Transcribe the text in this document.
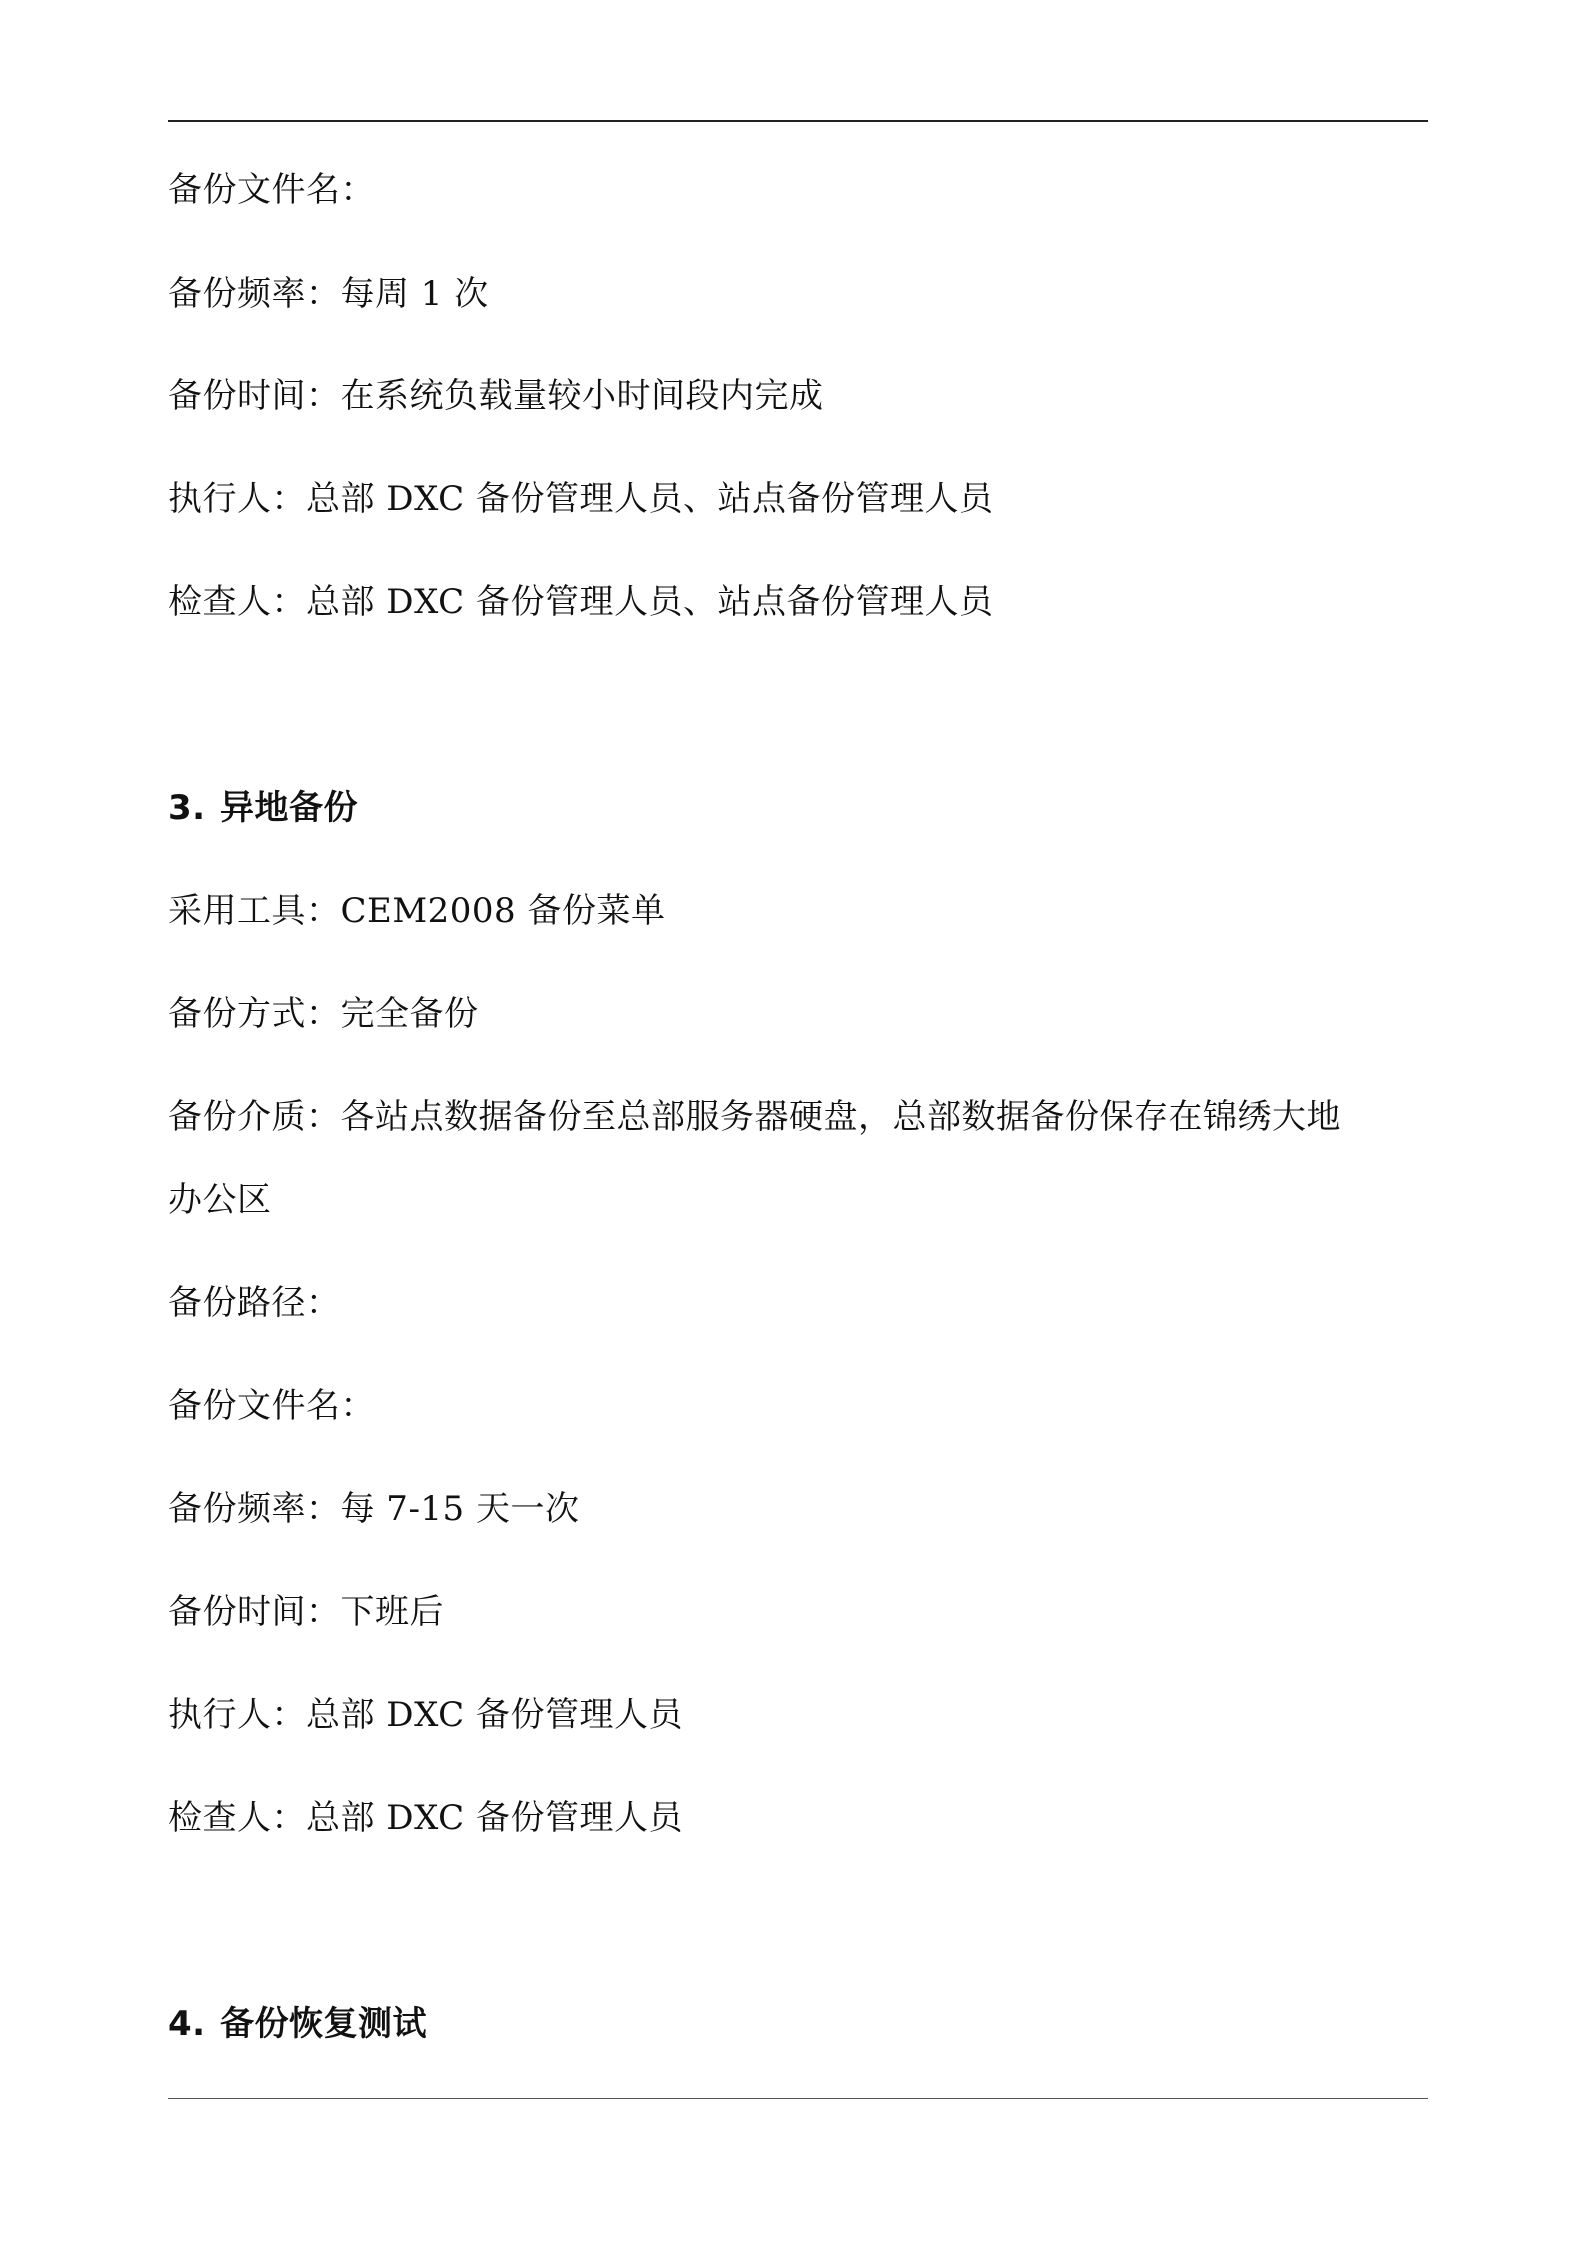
备份文件名：
备份频率：每周 1 次
备份时间：在系统负载量较小时间段内完成
执行人：总部 DXC 备份管理人员、站点备份管理人员
检查人：总部 DXC 备份管理人员、站点备份管理人员
3. 异地备份
采用工具：CEM2008 备份菜单
备份方式：完全备份
备份介质：各站点数据备份至总部服务器硬盘，总部数据备份保存在锦绣大地
办公区
备份路径：
备份文件名：
备份频率：每 7-15 天一次
备份时间：下班后
执行人：总部 DXC 备份管理人员
检查人：总部 DXC 备份管理人员
4. 备份恢复测试
